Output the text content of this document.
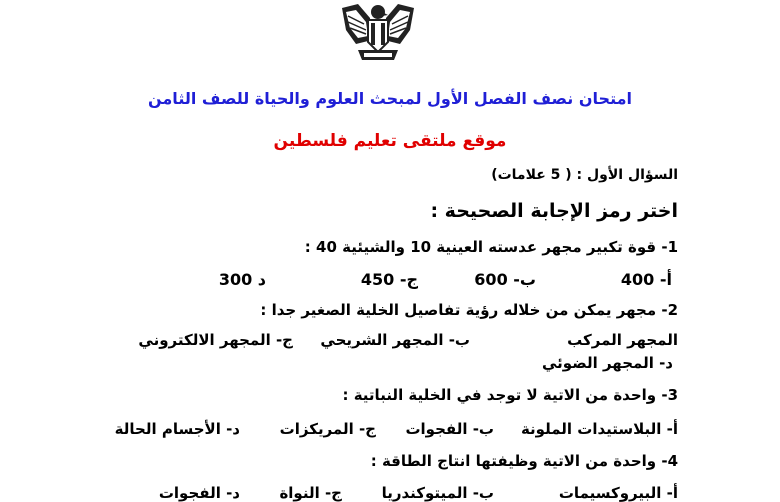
امتحان نصف الفصل الأول لمبحث العلوم والحياة للصف الثامن
موقع ملتقى تعليم فلسطين
السؤال الأول : ( 5 علامات)
اختر رمز الإجابة الصحيحة :
1- قوة تكبير مجهر عدسته العينية 10 والشيئية 40 :
أ- 400
ب- 600
ج- 450
د 300
2- مجهر يمكن من خلاله رؤية تفاصيل الخلية الصغير جدا :
المجهر المركب
ب- المجهر الشريحي
ج- المجهر الالكتروني
د- المجهر الضوئي
3- واحدة من الاتية لا توجد في الخلية النباتية :
أ- البلاستيدات الملونة
ب- الفجوات
ج- المريكزات
د- الأجسام الحالة
4- واحدة من الاتية وظيفتها انتاج الطاقة :
أ- البيروكسيمات
ب- الميتوكندريا
ج- النواة
د- الفجوات
